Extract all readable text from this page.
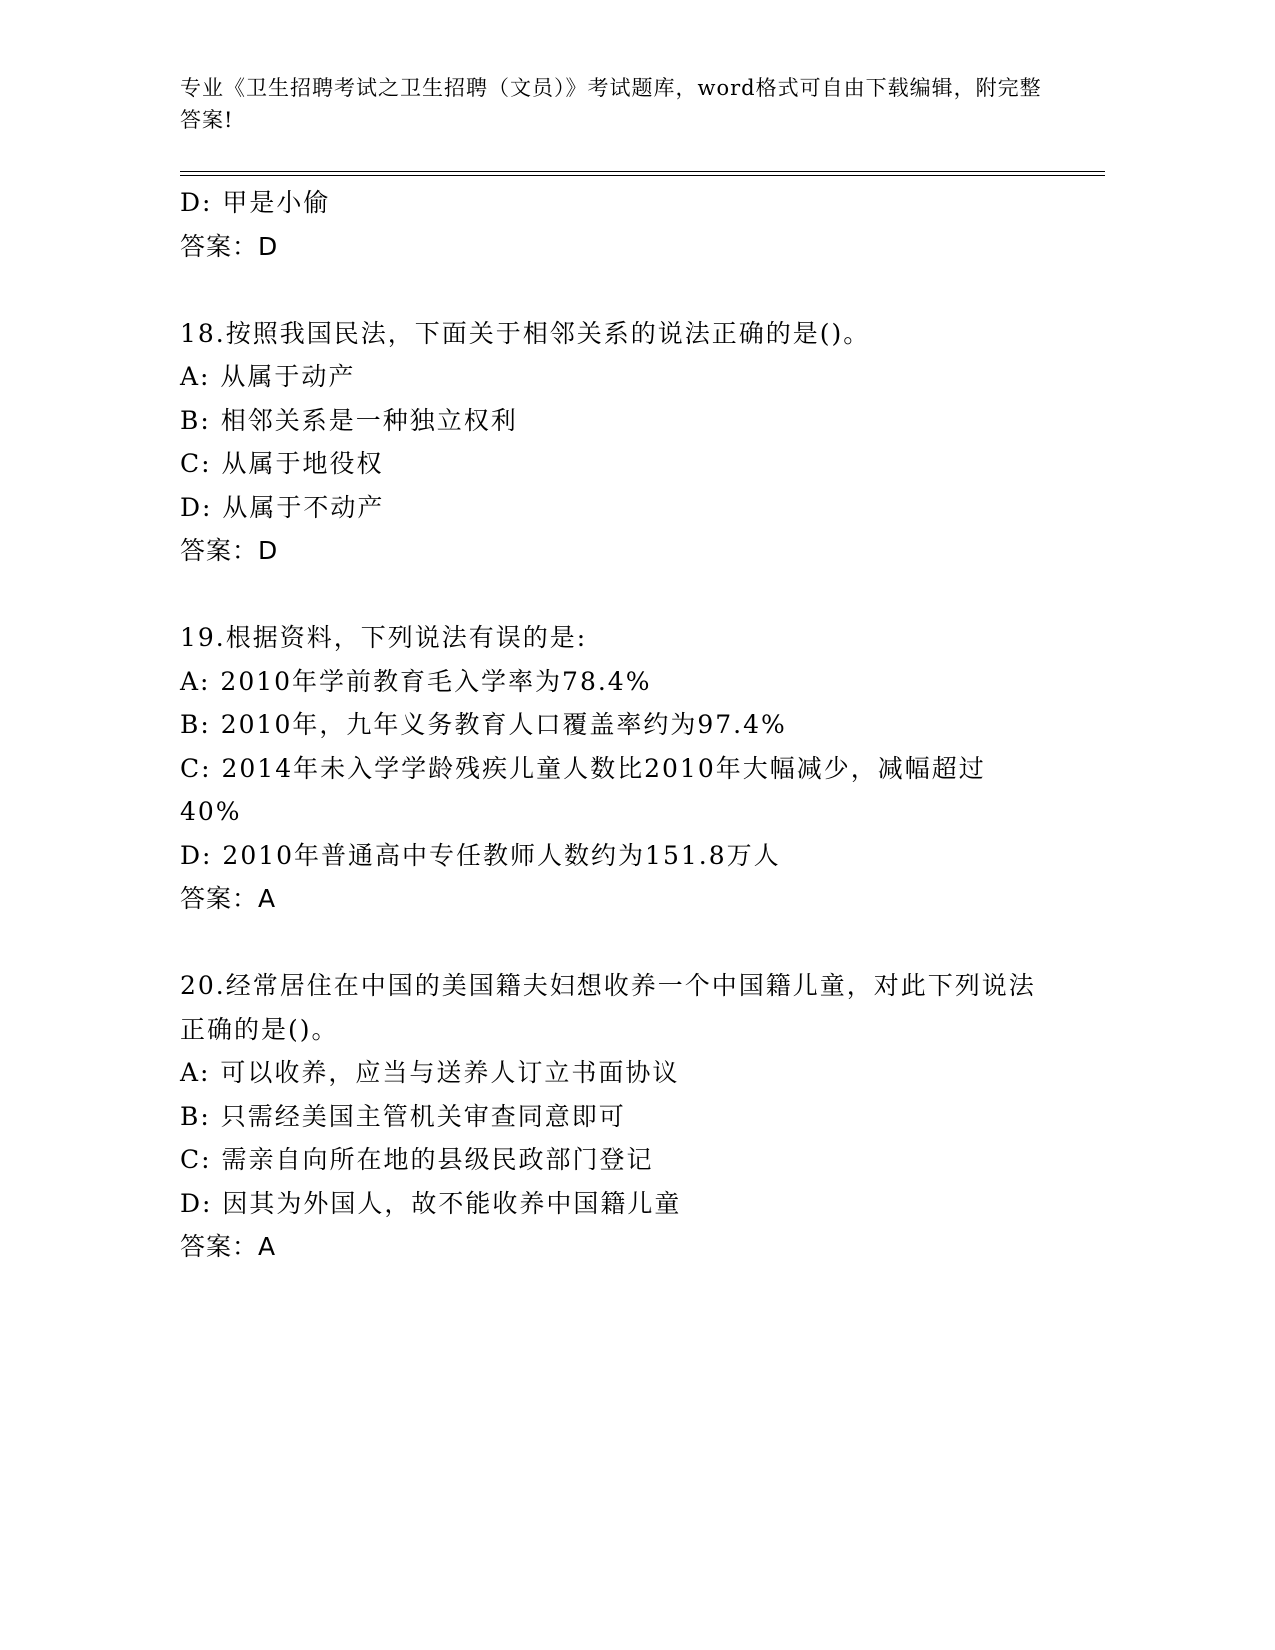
专业《卫生招聘考试之卫生招聘（文员）》考试题库，word格式可自由下载编辑，附完整答案!

D: 甲是小偷

答案：D

18.按照我国民法，下面关于相邻关系的说法正确的是()。

A: 从属于动产

B: 相邻关系是一种独立权利

C: 从属于地役权

D: 从属于不动产

答案：D

19.根据资料，下列说法有误的是:

A: 2010年学前教育毛入学率为78.4%

B: 2010年，九年义务教育人口覆盖率约为97.4%

C: 2014年未入学学龄残疾儿童人数比2010年大幅减少，减幅超过40%

D: 2010年普通高中专任教师人数约为151.8万人

答案：A

20.经常居住在中国的美国籍夫妇想收养一个中国籍儿童，对此下列说法正确的是()。

A: 可以收养，应当与送养人订立书面协议

B: 只需经美国主管机关审查同意即可

C: 需亲自向所在地的县级民政部门登记

D: 因其为外国人，故不能收养中国籍儿童

答案：A
